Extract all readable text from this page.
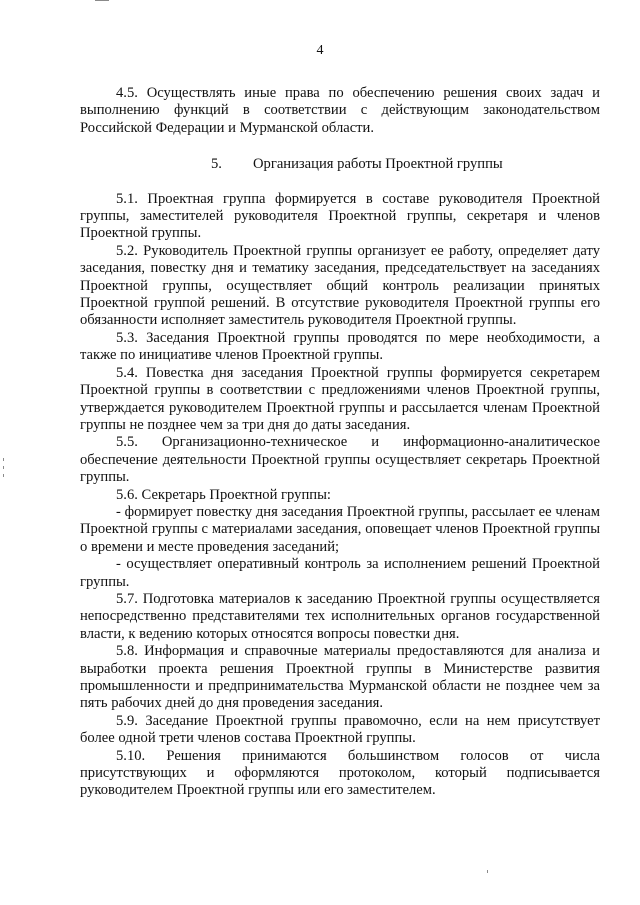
4

4.5. Осуществлять иные права по обеспечению решения своих задач и выполнению функций в соответствии с действующим законодательством Российской Федерации и Мурманской области.

5. Организация работы Проектной группы

5.1. Проектная группа формируется в составе руководителя Проектной группы, заместителей руководителя Проектной группы, секретаря и членов Проектной группы.

5.2. Руководитель Проектной группы организует ее работу, определяет дату заседания, повестку дня и тематику заседания, председательствует на заседаниях Проектной группы, осуществляет общий контроль реализации принятых Проектной группой решений. В отсутствие руководителя Проектной группы его обязанности исполняет заместитель руководителя Проектной группы.

5.3. Заседания Проектной группы проводятся по мере необходимости, а также по инициативе членов Проектной группы.

5.4. Повестка дня заседания Проектной группы формируется секретарем Проектной группы в соответствии с предложениями членов Проектной группы, утверждается руководителем Проектной группы и рассылается членам Проектной группы не позднее чем за три дня до даты заседания.

5.5. Организационно-техническое и информационно-аналитическое обеспечение деятельности Проектной группы осуществляет секретарь Проектной группы.

5.6. Секретарь Проектной группы:

- формирует повестку дня заседания Проектной группы, рассылает ее членам Проектной группы с материалами заседания, оповещает членов Проектной группы о времени и месте проведения заседаний;

- осуществляет оперативный контроль за исполнением решений Проектной группы.

5.7. Подготовка материалов к заседанию Проектной группы осуществляется непосредственно представителями тех исполнительных органов государственной власти, к ведению которых относятся вопросы повестки дня.

5.8. Информация и справочные материалы предоставляются для анализа и выработки проекта решения Проектной группы в Министерстве развития промышленности и предпринимательства Мурманской области не позднее чем за пять рабочих дней до дня проведения заседания.

5.9. Заседание Проектной группы правомочно, если на нем присутствует более одной трети членов состава Проектной группы.

5.10. Решения принимаются большинством голосов от числа присутствующих и оформляются протоколом, который подписывается руководителем Проектной группы или его заместителем.
